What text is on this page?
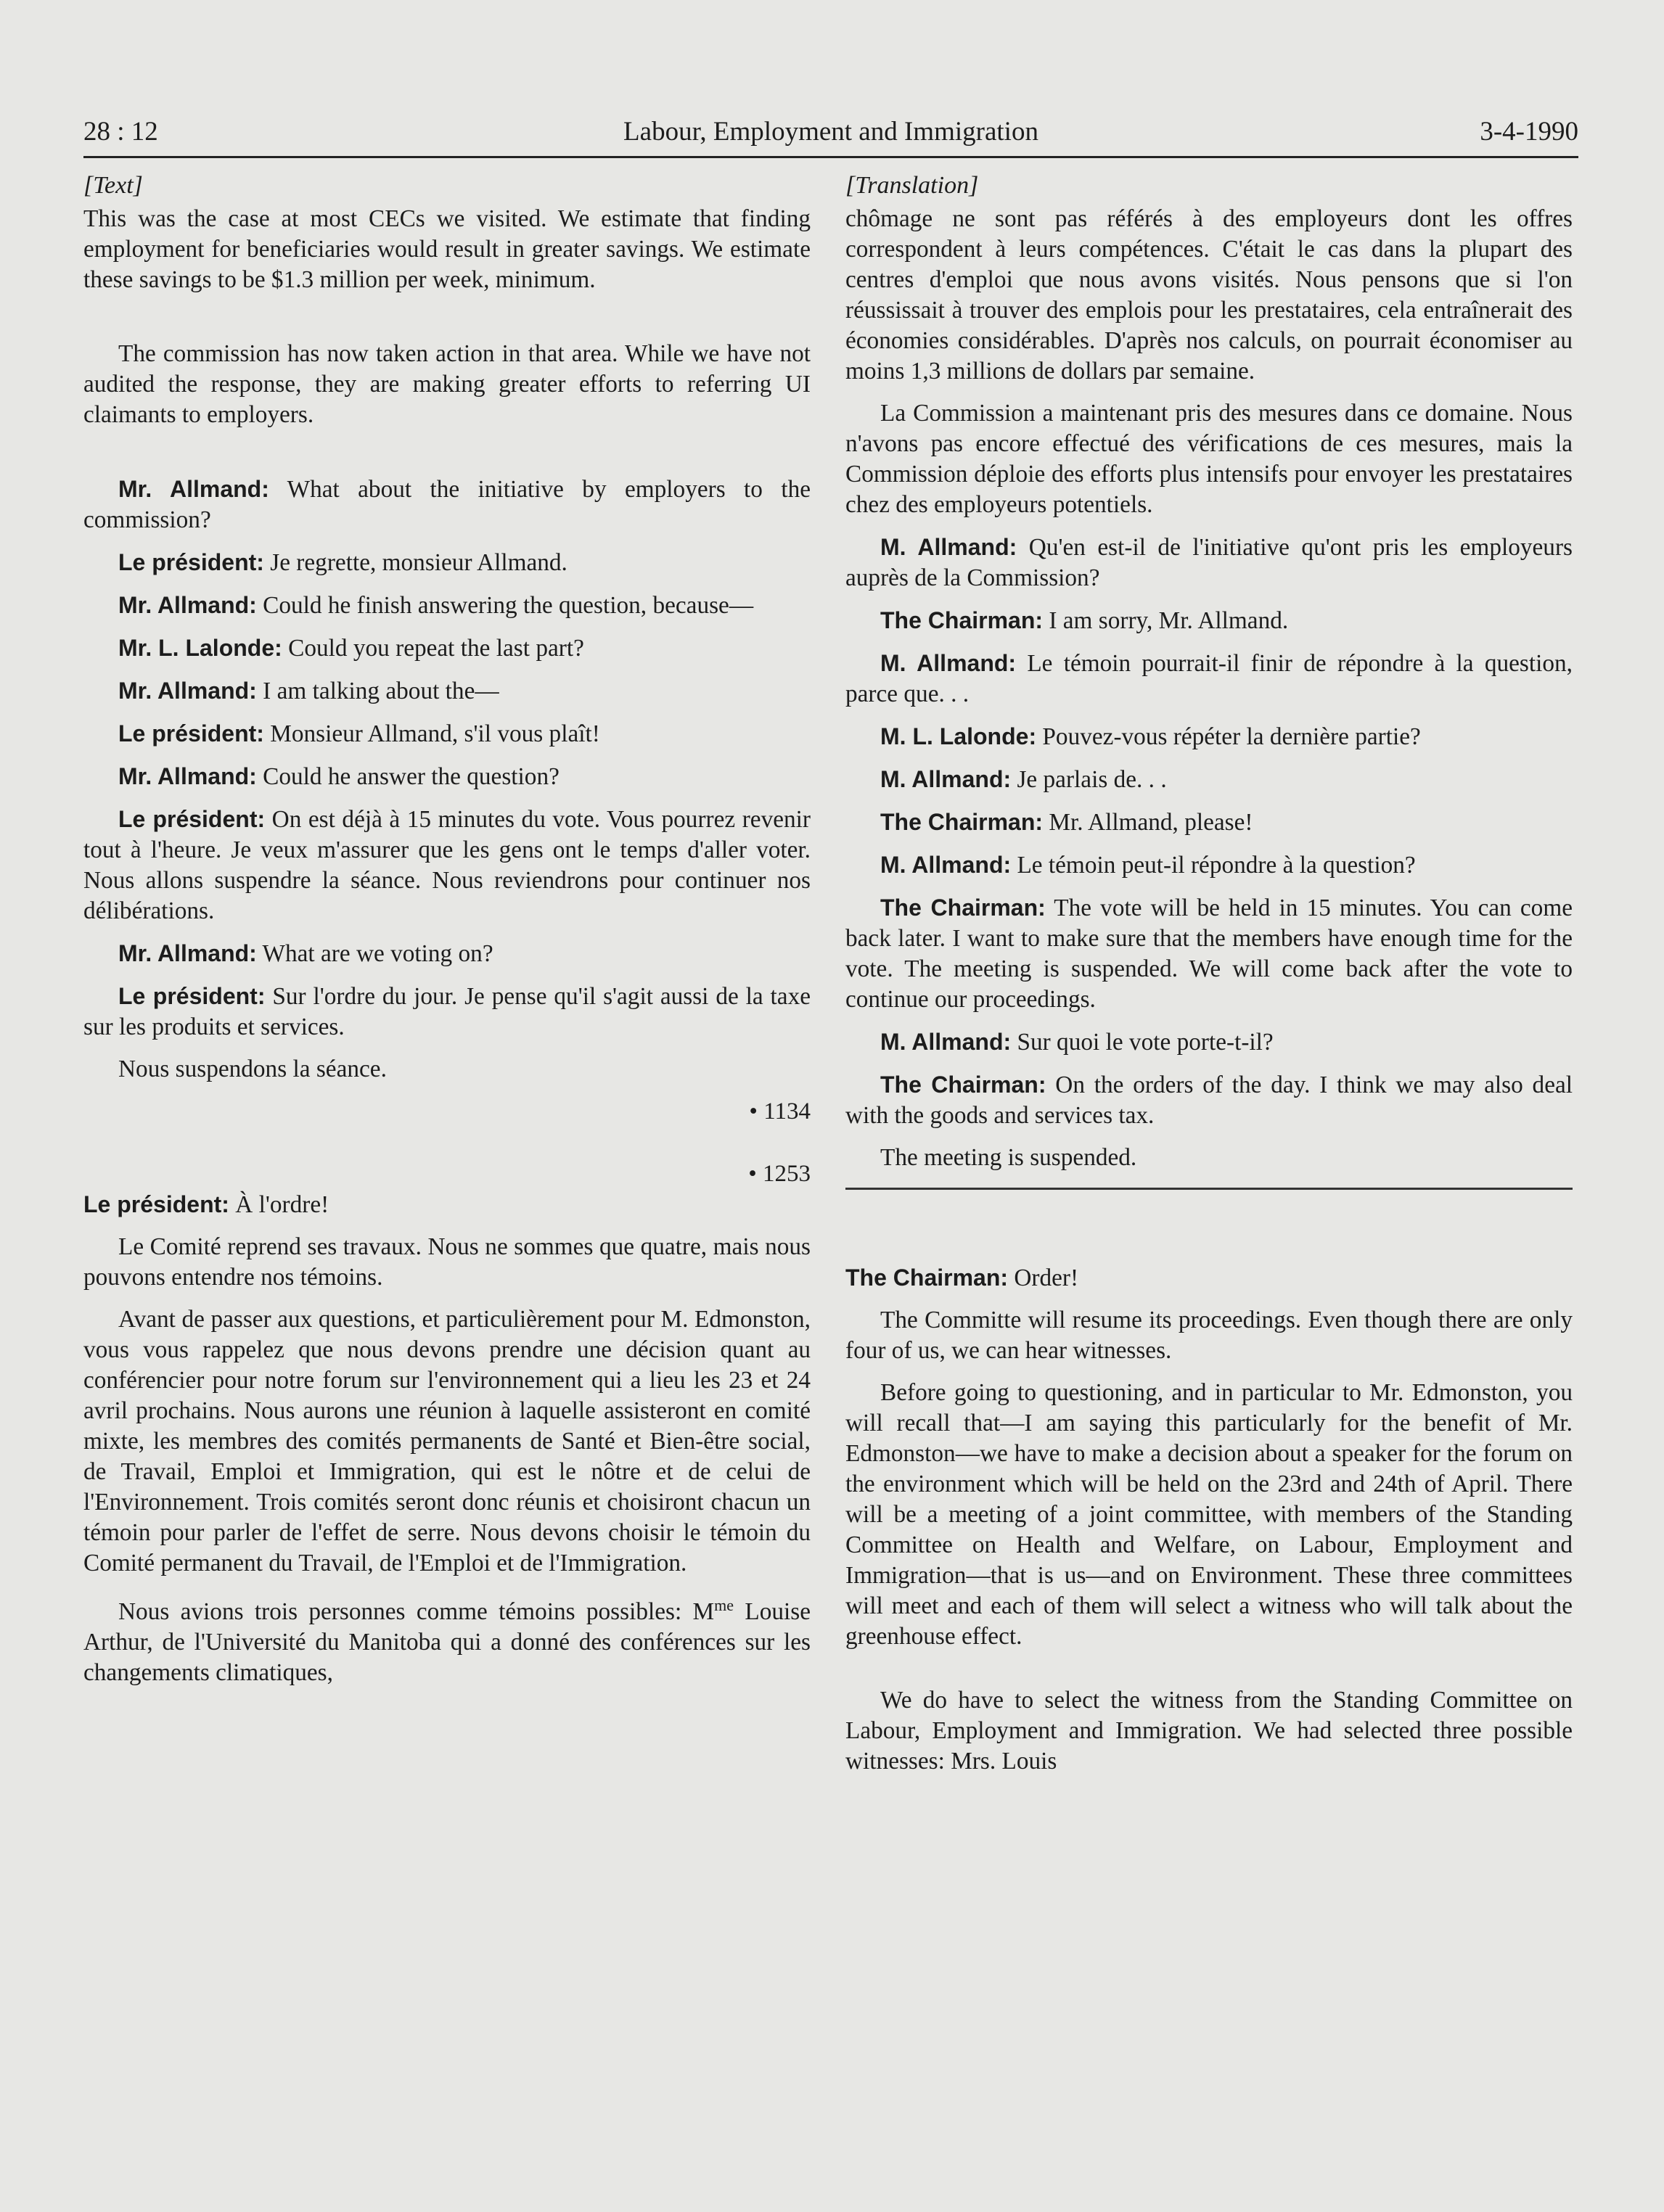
28 : 12	Labour, Employment and Immigration	3-4-1990

[Text]

This was the case at most CECs we visited. We estimate that finding employment for beneficiaries would result in greater savings. We estimate these savings to be $1.3 million per week, minimum.

The commission has now taken action in that area. While we have not audited the response, they are making greater efforts to referring UI claimants to employers.

Mr. Allmand: What about the initiative by employers to the commission?

Le président: Je regrette, monsieur Allmand.

Mr. Allmand: Could he finish answering the question, because—

Mr. L. Lalonde: Could you repeat the last part?

Mr. Allmand: I am talking about the—

Le président: Monsieur Allmand, s'il vous plaît!

Mr. Allmand: Could he answer the question?

Le président: On est déjà à 15 minutes du vote. Vous pourrez revenir tout à l'heure. Je veux m'assurer que les gens ont le temps d'aller voter. Nous allons suspendre la séance. Nous reviendrons pour continuer nos délibérations.

Mr. Allmand: What are we voting on?

Le président: Sur l'ordre du jour. Je pense qu'il s'agit aussi de la taxe sur les produits et services.

Nous suspendons la séance.

• 1134

• 1253

Le président: À l'ordre!

Le Comité reprend ses travaux. Nous ne sommes que quatre, mais nous pouvons entendre nos témoins.

Avant de passer aux questions, et particulièrement pour M. Edmonston, vous vous rappelez que nous devons prendre une décision quant au conférencier pour notre forum sur l'environnement qui a lieu les 23 et 24 avril prochains. Nous aurons une réunion à laquelle assisteront en comité mixte, les membres des comités permanents de Santé et Bien-être social, de Travail, Emploi et Immigration, qui est le nôtre et de celui de l'Environnement. Trois comités seront donc réunis et choisiront chacun un témoin pour parler de l'effet de serre. Nous devons choisir le témoin du Comité permanent du Travail, de l'Emploi et de l'Immigration.

Nous avions trois personnes comme témoins possibles: $M^{me}$ Louise Arthur, de l'Université du Manitoba qui a donné des conférences sur les changements climatiques,

[Translation]

chômage ne sont pas référés à des employeurs dont les offres correspondent à leurs compétences. C'était le cas dans la plupart des centres d'emploi que nous avons visités. Nous pensons que si l'on réussissait à trouver des emplois pour les prestataires, cela entraînerait des économies considérables. D'après nos calculs, on pourrait économiser au moins 1,3 millions de dollars par semaine.

La Commission a maintenant pris des mesures dans ce domaine. Nous n'avons pas encore effectué des vérifications de ces mesures, mais la Commission déploie des efforts plus intensifs pour envoyer les prestataires chez des employeurs potentiels.

M. Allmand: Qu'en est-il de l'initiative qu'ont pris les employeurs auprès de la Commission?

The Chairman: I am sorry, Mr. Allmand.

M. Allmand: Le témoin pourrait-il finir de répondre à la question, parce que. . .

M. L. Lalonde: Pouvez-vous répéter la dernière partie?

M. Allmand: Je parlais de. . .

The Chairman: Mr. Allmand, please!

M. Allmand: Le témoin peut-il répondre à la question?

The Chairman: The vote will be held in 15 minutes. You can come back later. I want to make sure that the members have enough time for the vote. The meeting is suspended. We will come back after the vote to continue our proceedings.

M. Allmand: Sur quoi le vote porte-t-il?

The Chairman: On the orders of the day. I think we may also deal with the goods and services tax.

The meeting is suspended.

The Chairman: Order!

The Committe will resume its proceedings. Even though there are only four of us, we can hear witnesses.

Before going to questioning, and in particular to Mr. Edmonston, you will recall that—I am saying this particularly for the benefit of Mr. Edmonston—we have to make a decision about a speaker for the forum on the environment which will be held on the 23rd and 24th of April. There will be a meeting of a joint committee, with members of the Standing Committee on Health and Welfare, on Labour, Employment and Immigration—that is us—and on Environment. These three committees will meet and each of them will select a witness who will talk about the greenhouse effect.

We do have to select the witness from the Standing Committee on Labour, Employment and Immigration. We had selected three possible witnesses: Mrs. Louis
